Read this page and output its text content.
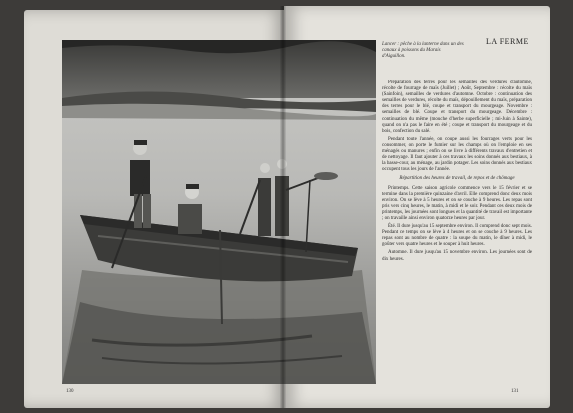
Lancer : pêche à la lanterne dans un des canaux à poissons du Marais d'Aiguillon.
LA FERME

Préparation des terres pour les semailles des verdures d'automne, récolte de fourrage de maïs (Juillet) ; Août, Septembre : récolte du maïs (Sainfoin), semailles de verdures d'automne. Octobre : continuation des semailles de verdures, récolte du maïs, dépouillement du maïs, préparation des terres pour le blé, coupe et transport du mourgeage. Novembre : semailles de blé. Coupe et transport du mourgeage. Décembre : continuation du même (mouche d'herbe superficielle ; mi-Juin à Sainte), quand on n'a pas le faire en été ; coupe et transport du mourgeage et du bois, confection du salé.

Pendant toute l'année, on coupe aussi les fourrages verts pour les consommer, on porte le fumier sur les champs où on l'emploie en ses ménagés ou manures ; enfin on se livre à différents travaux d'entretien et de nettoyage. Il faut ajouter à ces travaux les soins donnés aux bestiaux, à la basse-cour, au ménage, au jardin potager. Les soins donnés aux bestiaux occupent tous les jours de l'année.

Répartition des heures de travail, de repos et de chômage

Printemps. Cette saison agricole commence vers le 15 février et se termine dans la première quinzaine d'avril. Elle comprend donc deux mois environ. On se lève à 5 heures et on se couche à 9 heures. Les repas sont pris vers cinq heures, le matin, à midi et le soir. Pendant ces deux mois de printemps, les journées sont longues et la quantité de travail est importante ; on travaille ainsi environ quatorze heures par jour.

Été. Il dure jusqu'au 15 septembre environ. Il comprend donc sept mois. Pendant ce temps on se lève à 4 heures et on se couche à 9 heures. Les repas sont au nombre de quatre : la soupe du matin, le dîner à midi, le goûter vers quatre heures et le souper à huit heures.

Automne. Il dure jusqu'au 15 novembre environ. Les journées sont de dix heures.

130	131
